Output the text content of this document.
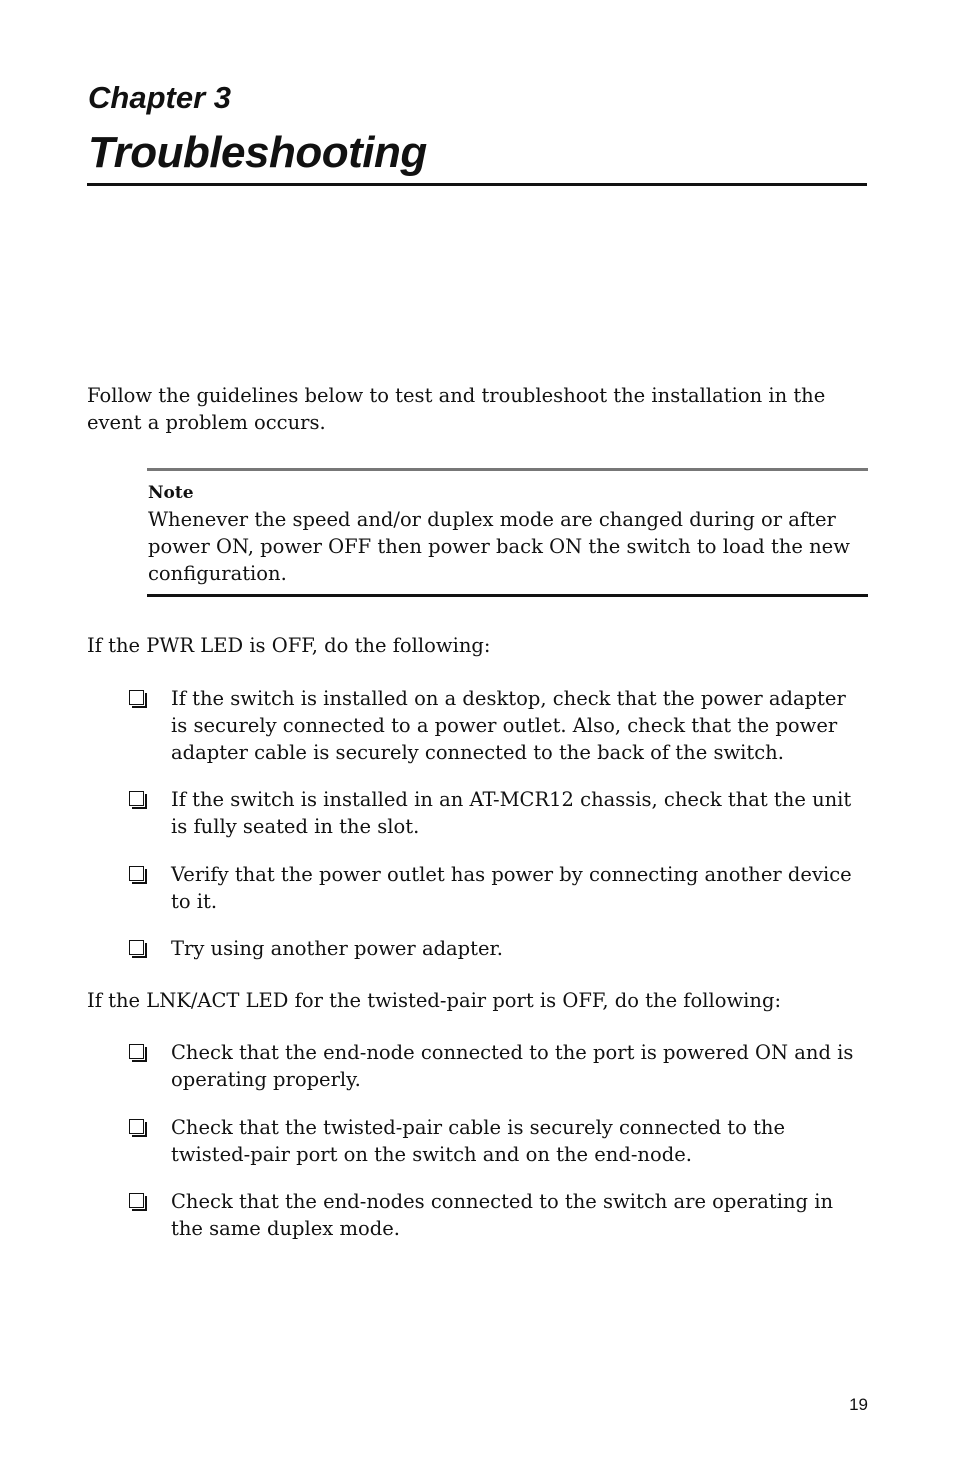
Chapter 3
Troubleshooting
Follow the guidelines below to test and troubleshoot the installation in the event a problem occurs.
Note
Whenever the speed and/or duplex mode are changed during or after power ON, power OFF then power back ON the switch to load the new configuration.
If the PWR LED is OFF, do the following:
If the switch is installed on a desktop, check that the power adapter is securely connected to a power outlet. Also, check that the power adapter cable is securely connected to the back of the switch.
If the switch is installed in an AT-MCR12 chassis, check that the unit is fully seated in the slot.
Verify that the power outlet has power by connecting another device to it.
Try using another power adapter.
If the LNK/ACT LED for the twisted-pair port is OFF, do the following:
Check that the end-node connected to the port is powered ON and is operating properly.
Check that the twisted-pair cable is securely connected to the twisted-pair port on the switch and on the end-node.
Check that the end-nodes connected to the switch are operating in the same duplex mode.
19
